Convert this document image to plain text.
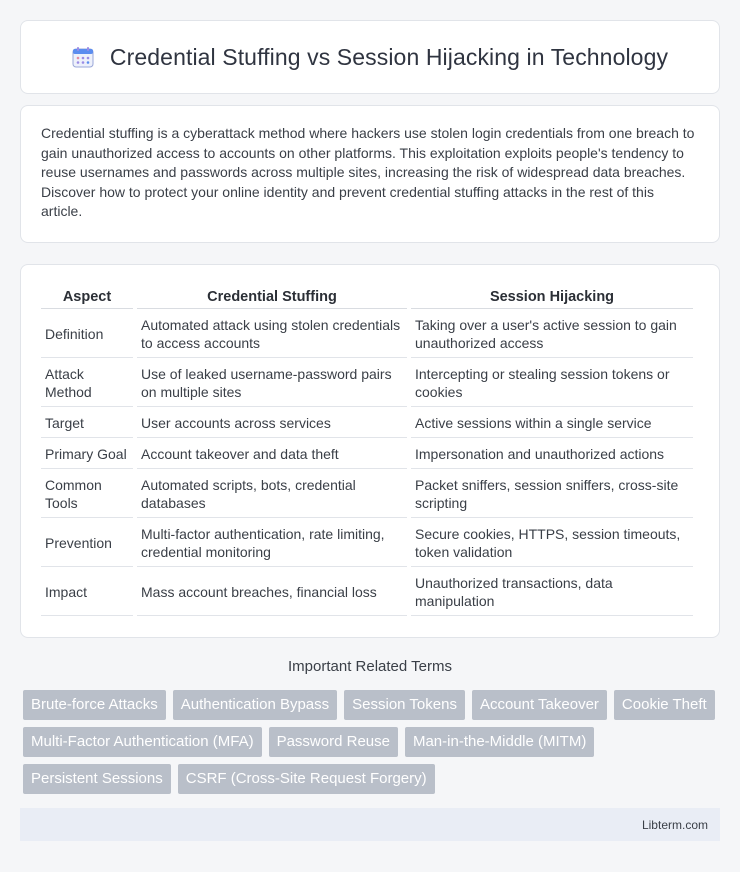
Credential Stuffing vs Session Hijacking in Technology

Credential stuffing is a cyberattack method where hackers use stolen login credentials from one breach to gain unauthorized access to accounts on other platforms. This exploitation exploits people's tendency to reuse usernames and passwords across multiple sites, increasing the risk of widespread data breaches. Discover how to protect your online identity and prevent credential stuffing attacks in the rest of this article.

Aspect	Credential Stuffing	Session Hijacking
Definition	Automated attack using stolen credentials to access accounts	Taking over a user's active session to gain unauthorized access
Attack Method	Use of leaked username-password pairs on multiple sites	Intercepting or stealing session tokens or cookies
Target	User accounts across services	Active sessions within a single service
Primary Goal	Account takeover and data theft	Impersonation and unauthorized actions
Common Tools	Automated scripts, bots, credential databases	Packet sniffers, session sniffers, cross-site scripting
Prevention	Multi-factor authentication, rate limiting, credential monitoring	Secure cookies, HTTPS, session timeouts, token validation
Impact	Mass account breaches, financial loss	Unauthorized transactions, data manipulation
Important Related Terms
Brute-force Attacks	Authentication Bypass	Session Tokens	Account Takeover	Cookie Theft
Multi-Factor Authentication (MFA)	Password Reuse	Man-in-the-Middle (MITM)
Persistent Sessions	CSRF (Cross-Site Request Forgery)
Libterm.com
